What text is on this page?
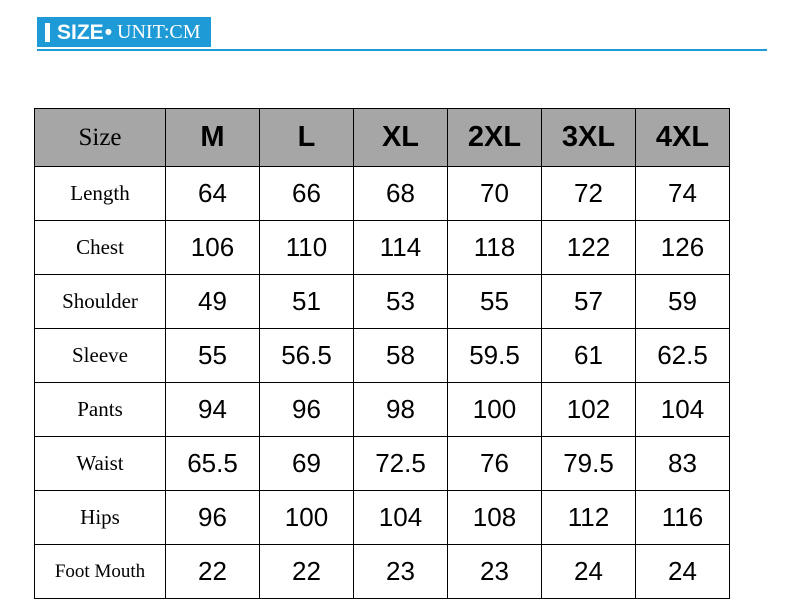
SIZE • UNIT:CM
Size	M	L	XL	2XL	3XL	4XL
Length	64	66	68	70	72	74
Chest	106	110	114	118	122	126
Shoulder	49	51	53	55	57	59
Sleeve	55	56.5	58	59.5	61	62.5
Pants	94	96	98	100	102	104
Waist	65.5	69	72.5	76	79.5	83
Hips	96	100	104	108	112	116
Foot Mouth	22	22	23	23	24	24
